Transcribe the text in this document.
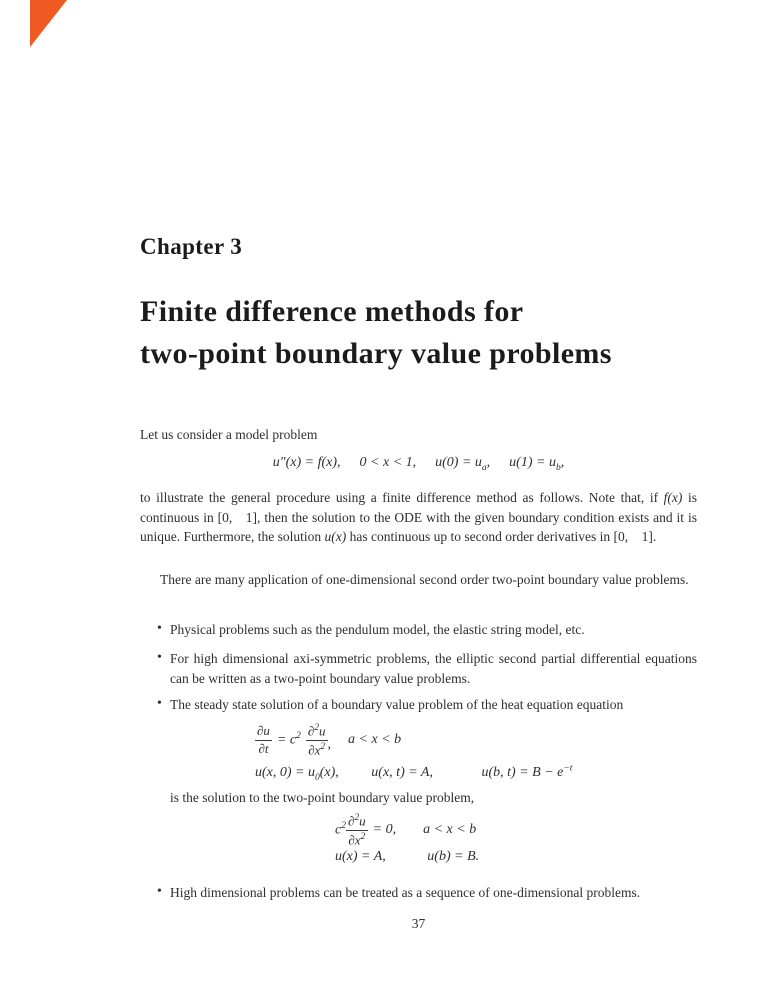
Chapter 3
Finite difference methods for
two-point boundary value problems
Let us consider a model problem
u″(x) = f(x), 0 < x < 1, $u(0) = u_a$, $u(1) = u_b$,
to illustrate the general procedure using a finite difference method as follows. Note that, if f(x) is continuous in [0, 1], then the solution to the ODE with the given boundary condition exists and it is unique. Furthermore, the solution u(x) has continuous up to second order derivatives in [0, 1].
There are many application of one-dimensional second order two-point boundary value problems.
• Physical problems such as the pendulum model, the elastic string model, etc.
• For high dimensional axi-symmetric problems, the elliptic second partial differential equations can be written as a two-point boundary value problems.
• The steady state solution of a boundary value problem of the heat equation equation
$\frac{\partial u}{\partial t} = c^2 \frac{\partial^2u}{\partial x^2}$ , a < x < b
u(x, $0) = u_0(x)$, u(x, t) = A,	u(b, $t) = B - e^{-t}$
is the solution to the two-point boundary value problem,
$c^2 \frac{\partial^2u}{\partial x^2} = 0$, a < x < b
u(x) = A,	u(b) = B.
• High dimensional problems can be treated as a sequence of one-dimensional problems.
37
